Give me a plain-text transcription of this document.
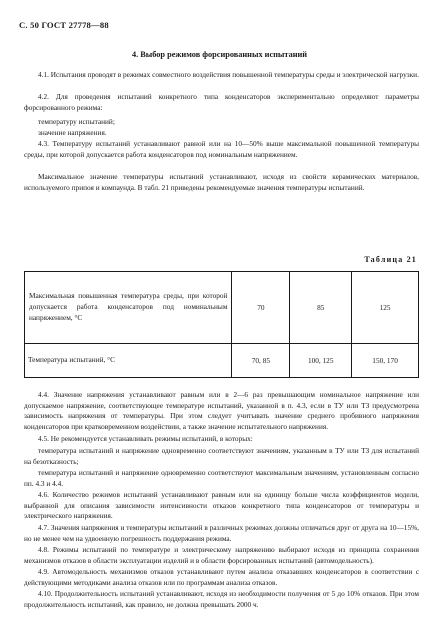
С. 50 ГОСТ 27778—88
4. Выбор режимов форсированных испытаний
4.1. Испытания проводят в режимах совместного воздействия повышенной температуры среды и электрической нагрузки.
4.2. Для проведения испытаний конкретного типа конденсаторов экспериментально определяют параметры форсированного режима:
температуру испытаний;
значение напряжения.
4.3. Температуру испытаний устанавливают равной или на 10—50% выше максимальной повышенной температуры среды, при которой допускается работа конденсаторов под номинальным напряжением.
Максимальное значение температуры испытаний устанавливают, исходя из свойств керамических материалов, используемого припоя и компаунда. В табл. 21 приведены рекомендуемые значения температуры испытаний.
Таблица 21
Максимальная повышенная температура среды, при которой допускается работа конденсаторов под номинальным напряжением, °С	70	85	125
Температура испытаний, °С	70, 85	100, 125	150, 170
4.4. Значение напряжения устанавливают равным или в 2—6 раз превышающим номинальное напряжение или допускаемое напряжение, соответствующее температуре испытаний, указанной в п. 4.3, если в ТУ или ТЗ предусмотрена зависимость напряжения от температуры. При этом следует учитывать значение среднего пробивного напряжения конденсаторов при кратковременном воздействии, а также значение испытательного напряжения.
4.5. Не рекомендуется устанавливать режимы испытаний, в которых:
температура испытаний и напряжение одновременно соответствуют значениям, указанным в ТУ или ТЗ для испытаний на безотказность;
температура испытаний и напряжение одновременно соответствуют максимальным значениям, установленным согласно пп. 4.3 и 4.4.
4.6. Количество режимов испытаний устанавливают равным или на единицу больше числа коэффициентов модели, выбранной для описания зависимости интенсивности отказов конкретного типа конденсаторов от температуры и электрического напряжения.
4.7. Значения напряжения и температуры испытаний в различных режимах должны отличаться друг от друга на 10—15%, но не менее чем на удвоенную погрешность поддержания режима.
4.8. Режимы испытаний по температуре и электрическому напряжению выбирают исходя из принципа сохранения механизмов отказов в области эксплуатации изделий и в области форсированных испытаний (автомодельность).
4.9. Автомодельность механизмов отказов устанавливают путем анализа отказавших конденсаторов в соответствии с действующими методиками анализа отказов или по программам анализа отказов.
4.10. Продолжительность испытаний устанавливают, исходя из необходимости получения от 5 до 10% отказов. При этом продолжительность испытаний, как правило, не должна превышать 2000 ч.
